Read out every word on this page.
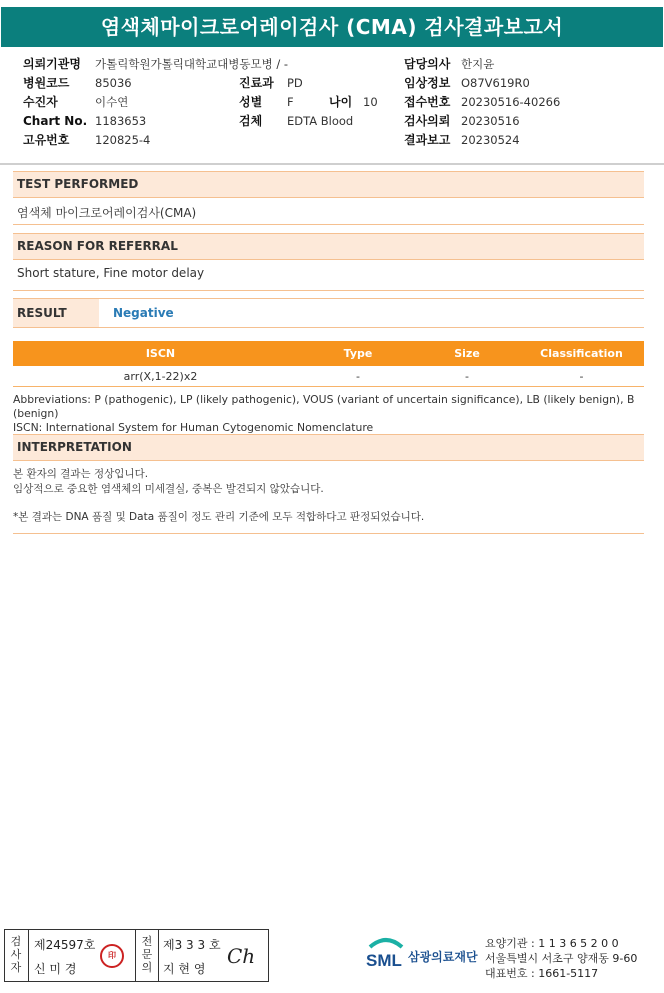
염색체마이크로어레이검사 (CMA) 검사결과보고서
의뢰기관명 가톨릭학원가톨릭대학교대병동모병 / -
병원코드 85036
수진자	이수연
Chart No. 1183653
고유번호 120825-4
진료과 PD
성별 F	나이 10
검체 EDTA Blood
담당의사 한지윤
임상정보 O87V619R0
접수번호 20230516-40266
검사의뢰 20230516
결과보고 20230524
TEST PERFORMED
염색체 마이크로어레이검사(CMA)
REASON FOR REFERRAL
Short stature, Fine motor delay
RESULT	Negative
ISCN	Type	Size	Classification
arr(X,1-22)x2	-	-	-
Abbreviations: P (pathogenic), LP (likely pathogenic), VOUS (variant of uncertain significance), LB (likely benign), B (benign)
ISCN: International System for Human Cytogenomic Nomenclature
INTERPRETATION
본 환자의 결과는 정상입니다.
임상적으로 중요한 염색체의 미세결실, 중복은 발견되지 않았습니다.
*본 결과는 DNA 품질 및 Data 품질이 정도 관리 기준에 모두 적합하다고 판정되었습니다.
검사자
제24597호
신 미 경
印
전문의
제3 3 3 호
지 현 영
Ch	SML 삼광의료재단
요양기관 : 1 1 3 6 5 2 0 0
서울특별시 서초구 양재동 9-60
대표번호 : 1661-5117
